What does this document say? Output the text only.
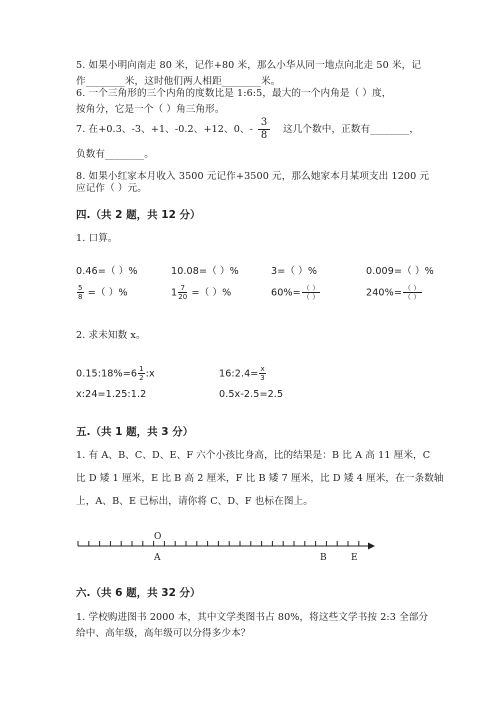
5. 如果小明向南走 80 米，记作+80 米，那么小华从同一地点向北走 50 米，记
作________米，这时他们两人相距________米。
6. 一个三角形的三个内角的度数比是 1:6:5，最大的一个内角是（ ）度，
按角分，它是一个（ ）角三角形。
7. 在+0.3、-3、+1、-0.2、+12、0、- $\frac{3}{8}$ 这几个数中，正数有________，
负数有________。
8. 如果小红家本月收入 3500 元记作+3500 元，那么她家本月某项支出 1200 元
应记作（ ）元。
四.（共 2 题，共 12 分）
1. 口算。
0.46=（ ）%	10.08=（ ）%	3=（ ）%	0.009=（ ）%
$\frac{5}{8}$ =（ ）%	$1 \frac{7}{20}$ =（ ）%	$60\%= \frac{( )}{( )}$	$240\%= \frac{( )}{( )}$
2. 求未知数 x。
0.15:18%=6 $\frac{1}{2}$ :x	16:2.4= $\frac{x}{3}$
x:24=1.25:1.2	0.5x-2.5=2.5
五.（共 1 题，共 3 分）
1. 有 A、B、C、D、E、F 六个小孩比身高，比的结果是：B 比 A 高 11 厘米，C
比 D 矮 1 厘米，E 比 B 高 2 厘米，F 比 B 矮 7 厘米，比 D 矮 4 厘米，在一条数轴
上，A、B、E 已标出，请你将 C、D、F 也标在图上。
O
A	B	E
六.（共 6 题，共 32 分）
1. 学校购进图书 2000 本，其中文学类图书占 80%，将这些文学书按 2:3 全部分
给中、高年级，高年级可以分得多少本？
